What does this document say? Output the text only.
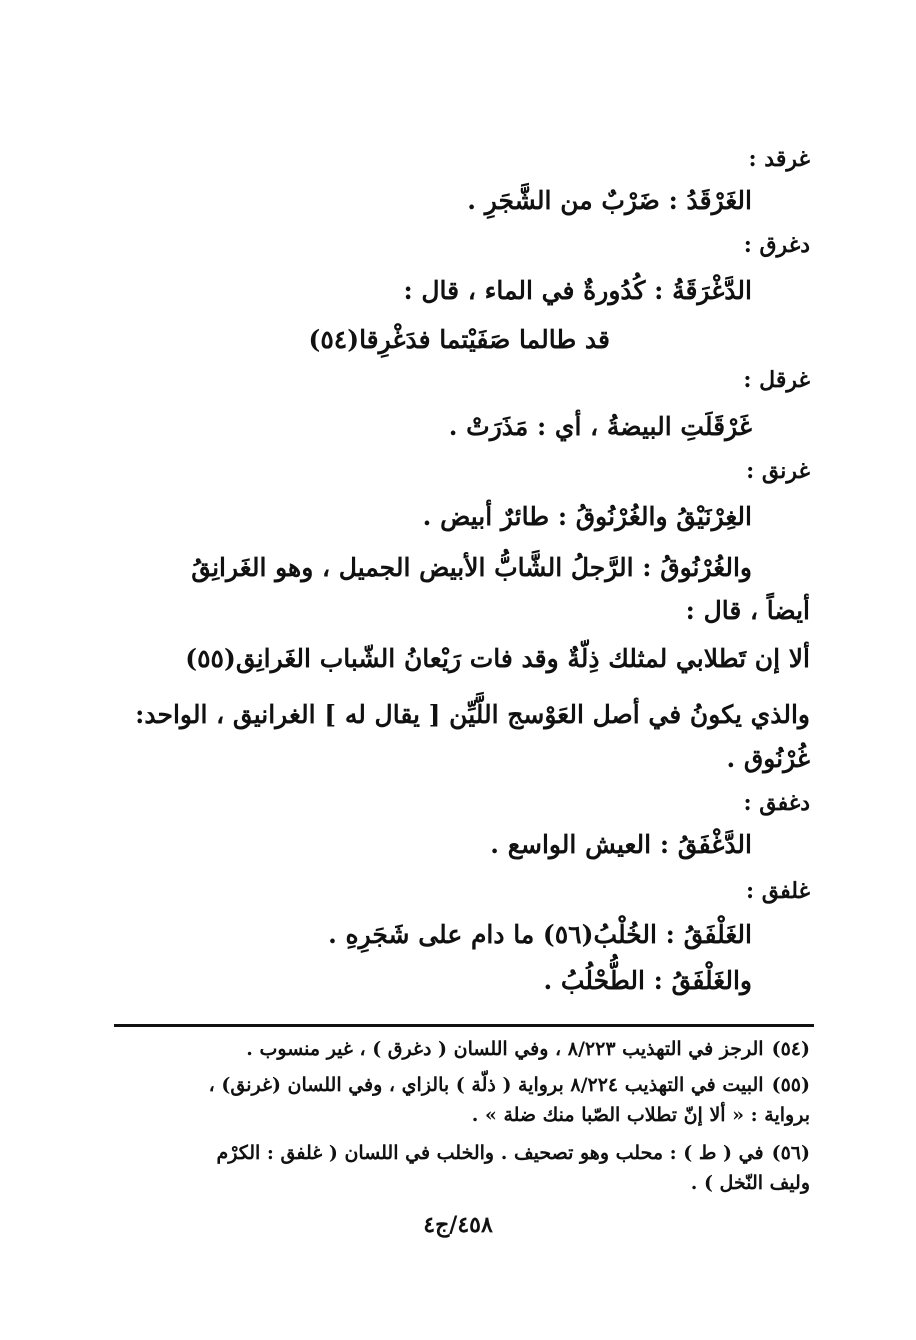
غرقد :
الغَرْقَدُ : ضَرْبٌ من الشَّجَرِ .
دغرق :
الدَّغْرَقَةُ : كُدُورةٌ في الماء ، قال :
قد طالما صَفَيْتما فدَغْرِقا(٥٤)
غرقل :
غَرْقَلَتِ البيضةُ ، أي : مَذَرَتْ .
غرنق :
الغِرْنَيْقُ والغُرْنُوقُ : طائرٌ أبيض .
والغُرْنُوقُ : الرَّجلُ الشَّابُّ الأبيض الجميل ، وهو الغَرانِقُ
أيضاً ، قال :
ألا إن تَطلابي لمثلك ذِلّةٌ وقد فات رَيْعانُ الشّباب الغَرانِق(٥٥)
والذي يكونُ في أصل العَوْسج اللَّيِّن [ يقال له ] الغرانيق ، الواحد:
غُرْنُوق .
دغفق :
الدَّغْفَقُ : العيش الواسع .
غلفق :
الغَلْفَقُ : الخُلْبُ(٥٦) ما دام على شَجَرِهِ .
والغَلْفَقُ : الطُّحْلُبُ .
(٥٤)الرجز في التهذيب ٨/٢٢٣ ، وفي اللسان ( دغرق ) ، غير منسوب .
(٥٥)البيت في التهذيب ٨/٢٢٤ برواية ( ذلّة ) بالزاي ، وفي اللسان (غرنق) ،
برواية : « ألا إنّ تطلاب الصّبا منك ضلة » .
(٥٦)في ( ط ) : محلب وهو تصحيف . والخلب في اللسان ( غلفق : الكرْم
وليف النّخل ) .
٤٥٨/ج٤
